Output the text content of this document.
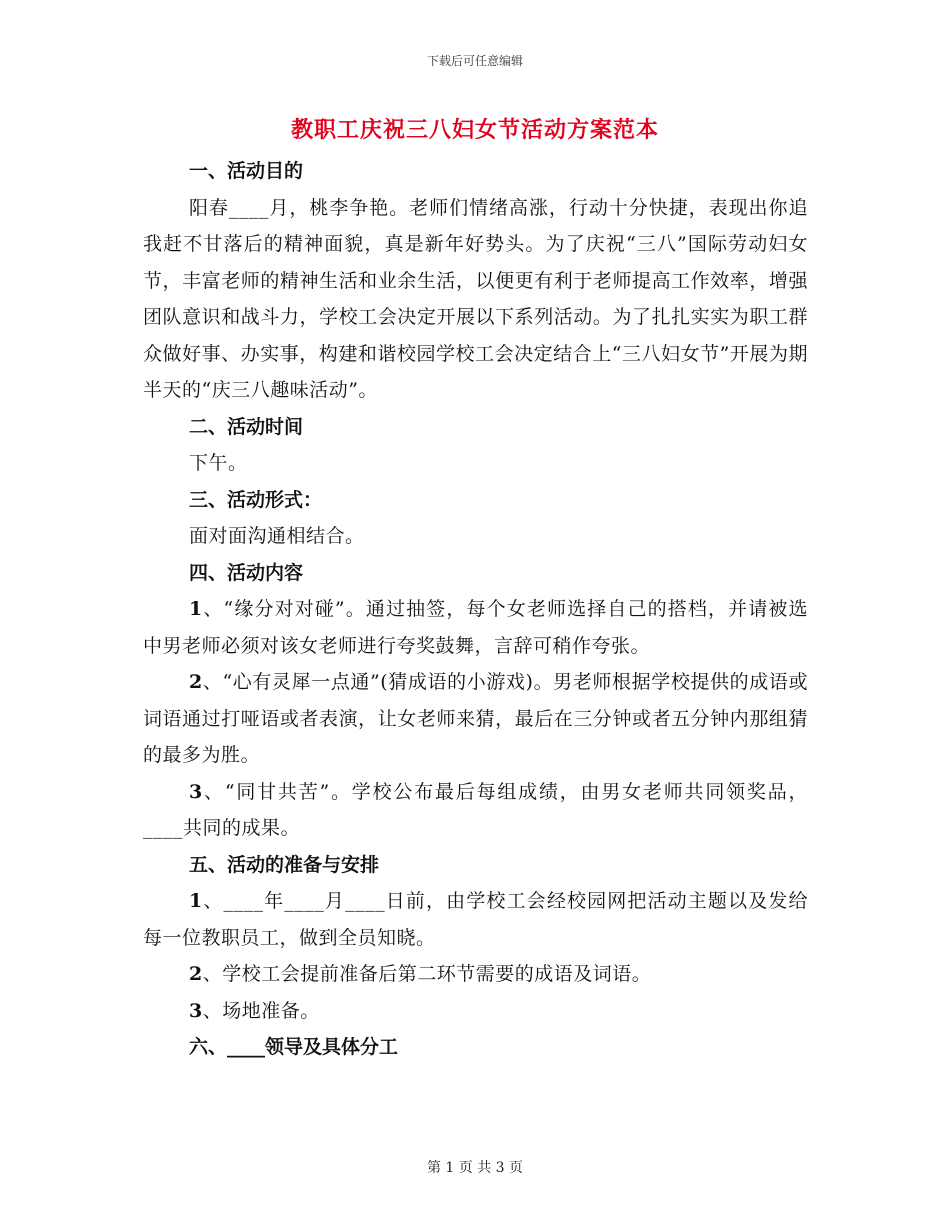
下载后可任意编辑
教职工庆祝三八妇女节活动方案范本

一、活动目的

阳春____月，桃李争艳。老师们情绪高涨，行动十分快捷，表现出你追我赶不甘落后的精神面貌，真是新年好势头。为了庆祝“三八”国际劳动妇女节，丰富老师的精神生活和业余生活，以便更有利于老师提高工作效率，增强团队意识和战斗力，学校工会决定开展以下系列活动。为了扎扎实实为职工群众做好事、办实事，构建和谐校园学校工会决定结合上“三八妇女节”开展为期半天的“庆三八趣味活动”。

二、活动时间

下午。

三、活动形式：

面对面沟通相结合。

四、活动内容

1、“缘分对对碰”。通过抽签，每个女老师选择自己的搭档，并请被选中男老师必须对该女老师进行夸奖鼓舞，言辞可稍作夸张。

2、“心有灵犀一点通”(猜成语的小游戏)。男老师根据学校提供的成语或词语通过打哑语或者表演，让女老师来猜，最后在三分钟或者五分钟内那组猜的最多为胜。

3、“同甘共苦”。学校公布最后每组成绩，由男女老师共同领奖品，____共同的成果。

五、活动的准备与安排

1、____年____月____日前，由学校工会经校园网把活动主题以及发给每一位教职员工，做到全员知晓。

2、学校工会提前准备后第二环节需要的成语及词语。

3、场地准备。

六、____领导及具体分工

第 1 页 共 3 页
